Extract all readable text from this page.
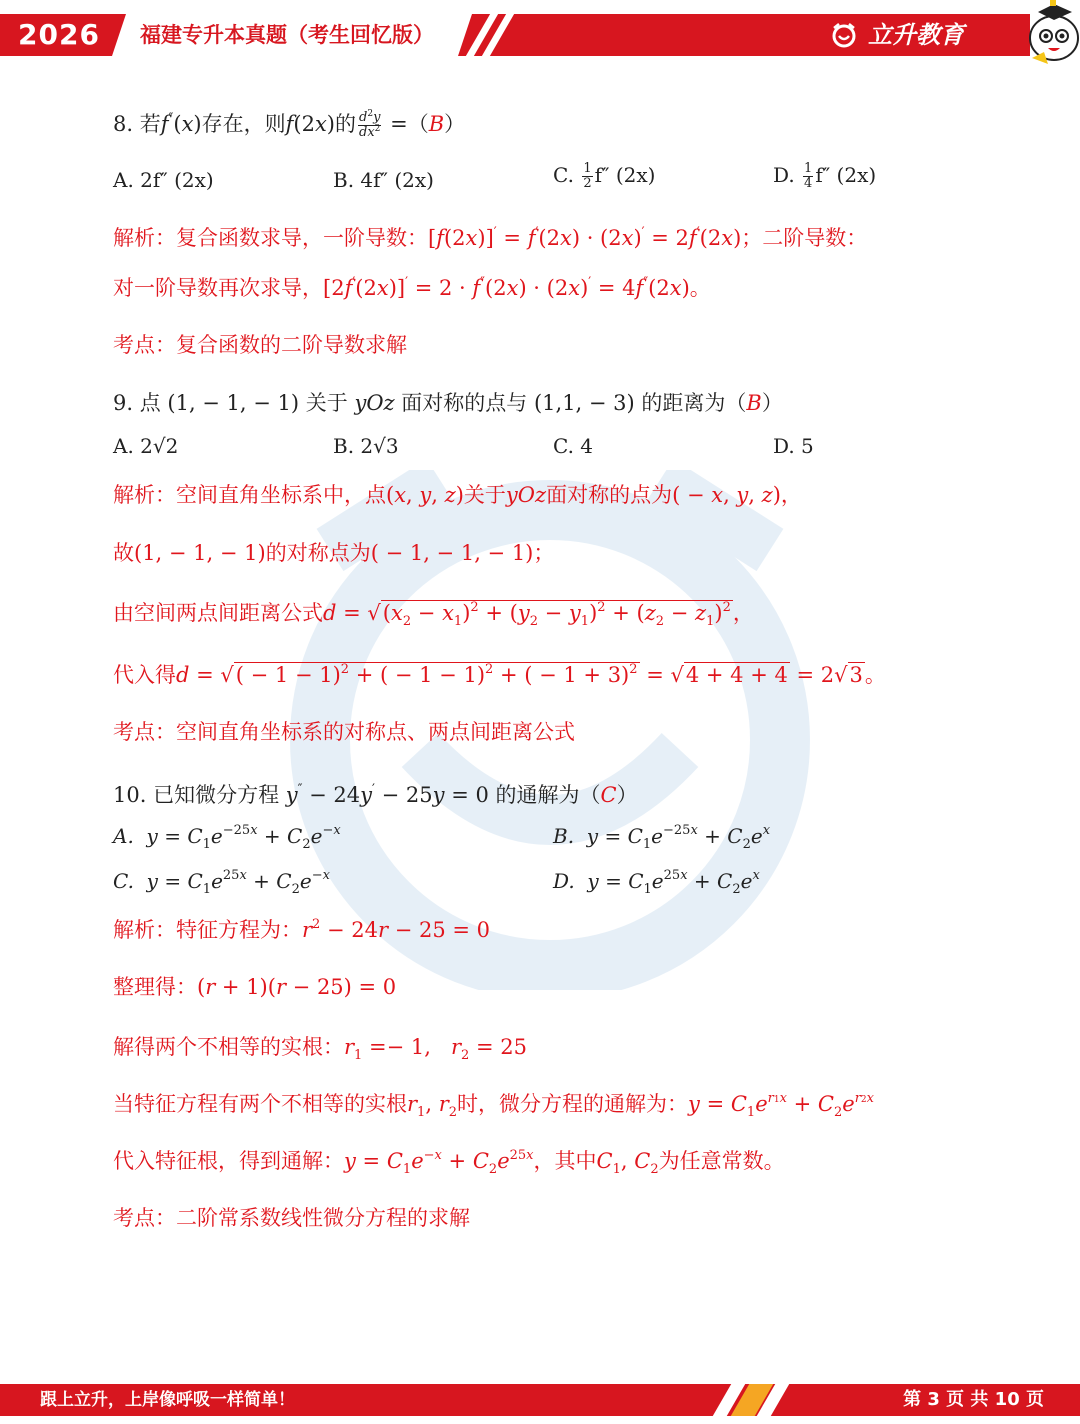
2026 福建专升本真题（考生回忆版）	立升教育
8. 若f″(x)存在，则f(2x)的 $\frac{d^2y}{dx^2} =(B)$
A. 2f″ (2x)	B. 4f″ (2x)	C. $\frac{1}{2} f''$ (2x)	D. $\frac{1}{4} f''$ (2x)
解析：复合函数求导，一阶导数：[f(2x)]′ = f′(2x) · (2x)′ = 2f′(2x)；二阶导数：
对一阶导数再次求导，[2f′(2x)]′ = 2 · f″(2x) · (2x)′ = 4f″(2x)。
考点：复合函数的二阶导数求解
9. 点 (1, − 1, − 1) 关于 yOz 面对称的点与 (1,1, − 3) 的距离为（B）
A. 2√2	B. 2√3	C. 4	D. 5
解析：空间直角坐标系中，点(x, y, z)关于yOz面对称的点为( − x, y, z)，
故(1, − 1, − 1)的对称点为( − 1, − 1, − 1)；
由空间两点间距离公式$d = √(x_2 - x_1)^2 + (y_2 - y_1)^2 + (z_2 - z_1)^2$，
代入得d = √( − 1 − 1)$^2$ + ( − 1 − 1)$^2$ + ( − 1 + 3)$^2$ = √4 + 4 + 4 = 2√3。
考点：空间直角坐标系的对称点、两点间距离公式
10. 已知微分方程 y″ − 24y′ − 25y = 0 的通解为（C）
A. $y = C_1e^{-25x} + C_2e^{-x}$	B. $y = C_1e^{-25x} + C_2e^x$
C. $y = C_1e^{25x} + C_2e^{-x}$	D. $y = C_1e^{25x} + C_2e^x$
解析：特征方程为：$r^2 - 24r - 25 = 0$
整理得：(r + 1)(r − 25) = 0
解得两个不相等的实根：$r_1 =- 1$,   $r_2 = 25$
当特征方程有两个不相等的实根$r_1$, $r_2$时，微分方程的通解为：$y = C_1e^{r1x} + C_2e^{r2x}$
代入特征根，得到通解：$y = C_1e^{-x} + C_2e^{25x}$，其中$C_1$, $C_2$为任意常数。
考点：二阶常系数线性微分方程的求解
跟上立升，上岸像呼吸一样简单！	第 3 页 共 10 页
